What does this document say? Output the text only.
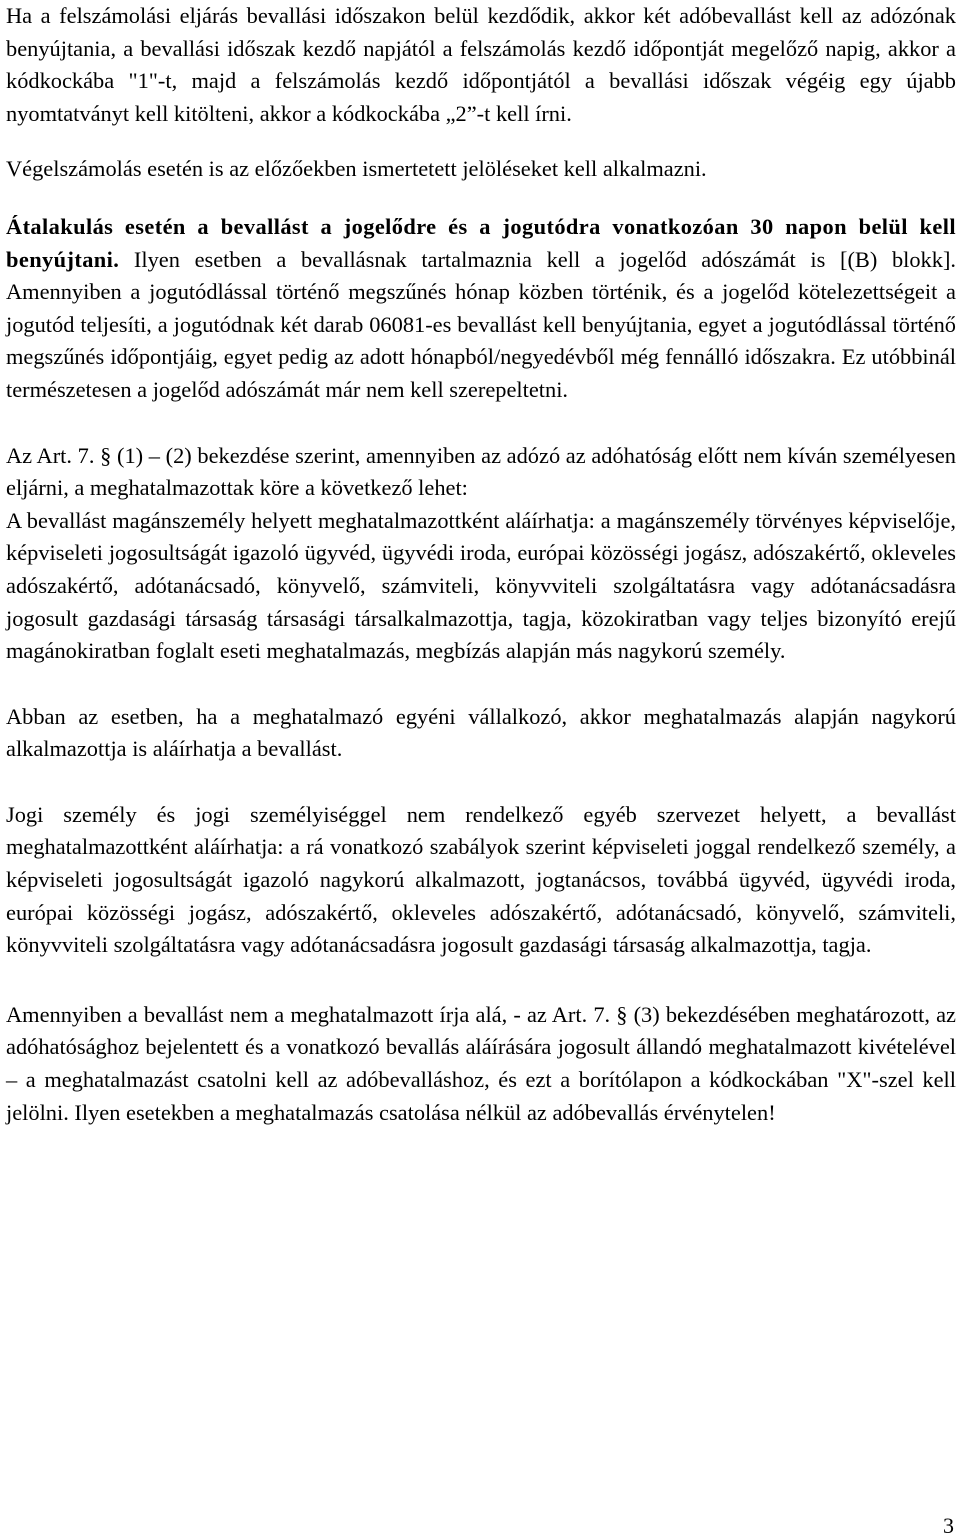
Ha a felszámolási eljárás bevallási időszakon belül kezdődik, akkor két adóbevallást kell az adózónak benyújtania, a bevallási időszak kezdő napjától a felszámolás kezdő időpontját megelőző napig, akkor a kódkockába "1"-t, majd a felszámolás kezdő időpontjától a bevallási időszak végéig egy újabb nyomtatványt kell kitölteni, akkor a kódkockába „2”-t kell írni.

Végelszámolás esetén is az előzőekben ismertetett jelöléseket kell alkalmazni.

Átalakulás esetén a bevallást a jogelődre és a jogutódra vonatkozóan 30 napon belül kell benyújtani. Ilyen esetben a bevallásnak tartalmaznia kell a jogelőd adószámát is [(B) blokk]. Amennyiben a jogutódlással történő megszűnés hónap közben történik, és a jogelőd kötelezettségeit a jogutód teljesíti, a jogutódnak két darab 06081-es bevallást kell benyújtania, egyet a jogutódlással történő megszűnés időpontjáig, egyet pedig az adott hónapból/negyedévből még fennálló időszakra. Ez utóbbinál természetesen a jogelőd adószámát már nem kell szerepeltetni.

Az Art. 7. § (1) – (2) bekezdése szerint, amennyiben az adózó az adóhatóság előtt nem kíván személyesen eljárni, a meghatalmazottak köre a következő lehet:

A bevallást magánszemély helyett meghatalmazottként aláírhatja: a magánszemély törvényes képviselője, képviseleti jogosultságát igazoló ügyvéd, ügyvédi iroda, európai közösségi jogász, adószakértő, okleveles adószakértő, adótanácsadó, könyvelő, számviteli, könyvviteli szolgáltatásra vagy adótanácsadásra jogosult gazdasági társaság társasági társalkalmazottja, tagja, közokiratban vagy teljes bizonyító erejű magánokiratban foglalt eseti meghatalmazás, megbízás alapján más nagykorú személy.

Abban az esetben, ha a meghatalmazó egyéni vállalkozó, akkor meghatalmazás alapján nagykorú alkalmazottja is aláírhatja a bevallást.

Jogi személy és jogi személyiséggel nem rendelkező egyéb szervezet helyett, a bevallást meghatalmazottként aláírhatja: a rá vonatkozó szabályok szerint képviseleti joggal rendelkező személy, a képviseleti jogosultságát igazoló nagykorú alkalmazott, jogtanácsos, továbbá ügyvéd, ügyvédi iroda, európai közösségi jogász, adószakértő, okleveles adószakértő, adótanácsadó, könyvelő, számviteli, könyvviteli szolgáltatásra vagy adótanácsadásra jogosult gazdasági társaság alkalmazottja, tagja.

Amennyiben a bevallást nem a meghatalmazott írja alá, - az Art. 7. § (3) bekezdésében meghatározott, az adóhatósághoz bejelentett és a vonatkozó bevallás aláírására jogosult állandó meghatalmazott kivételével – a meghatalmazást csatolni kell az adóbevalláshoz, és ezt a borítólapon a kódkockában "X"-szel kell jelölni. Ilyen esetekben a meghatalmazás csatolása nélkül az adóbevallás érvénytelen!

3
